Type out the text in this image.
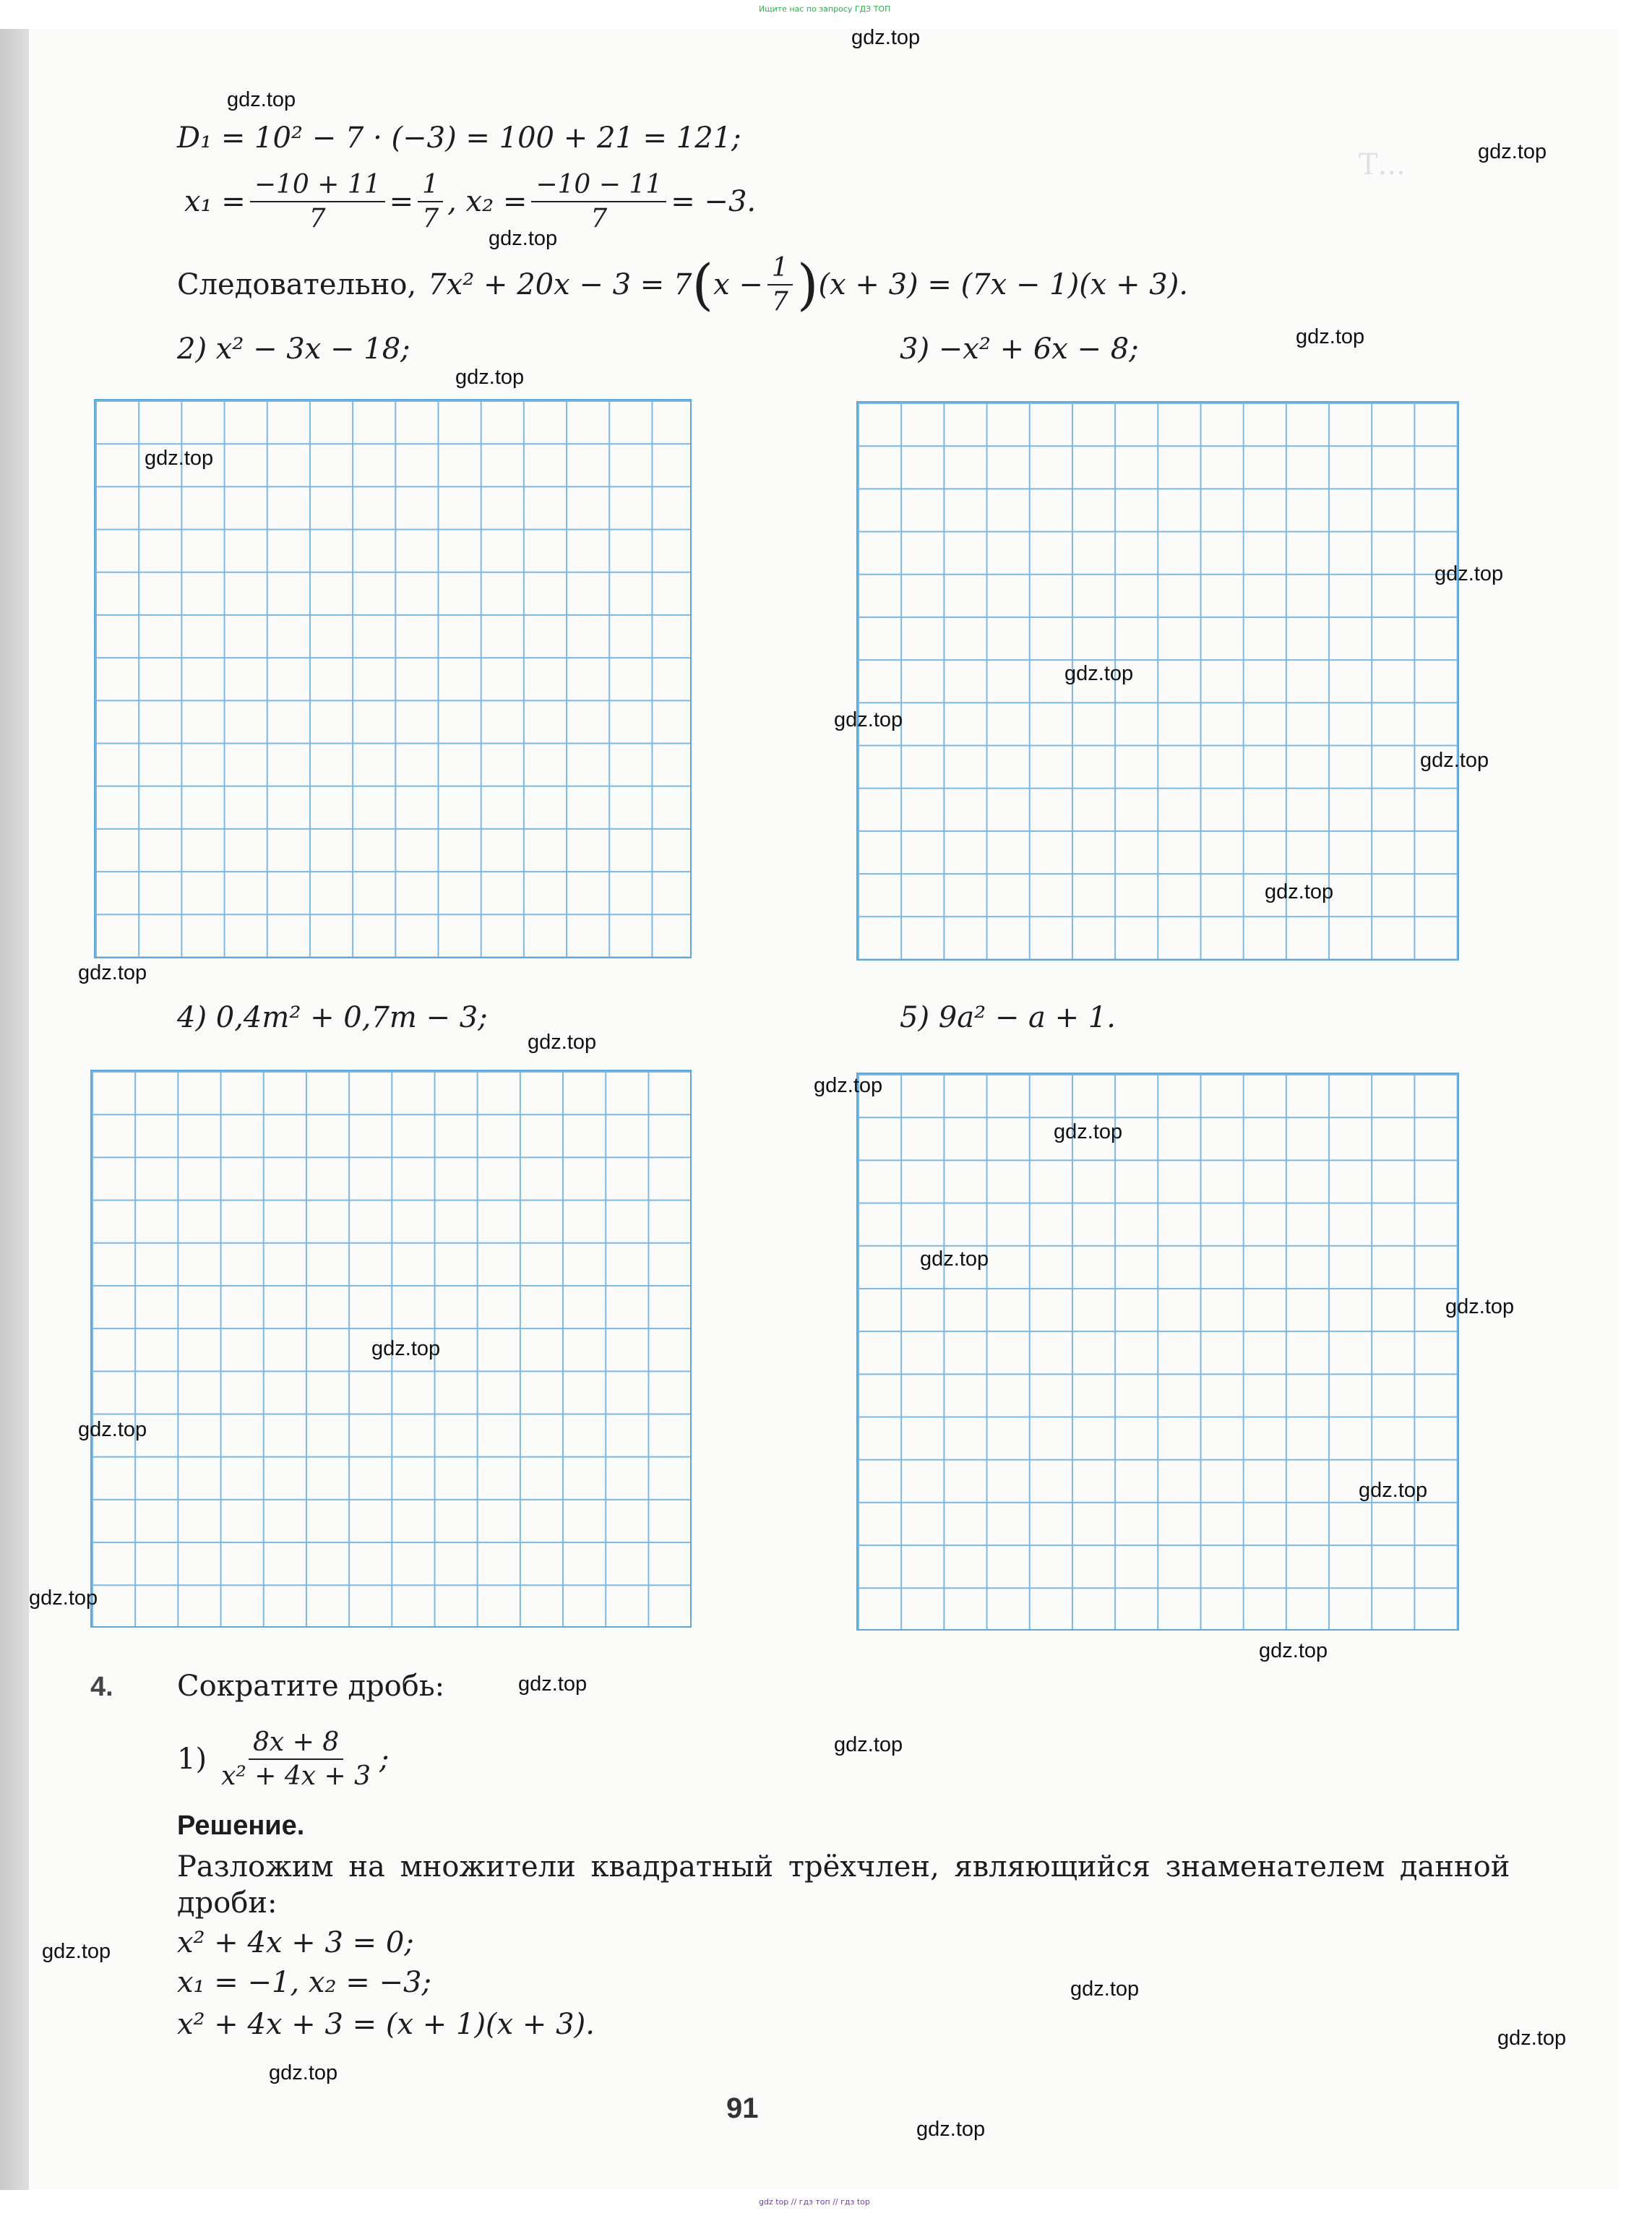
Ищите нас по запросу ГДЗ ТОП
Т...
D₁ = 10² − 7 · (−3) = 100 + 21 = 121;
$x_1 = \frac{-10 + 11}{7} = \frac{1}{7}$ , $x_2 = \frac{-10 - 11}{7} = -3$.
Следовательно, 7x² + 20x − 3 = 7 ( $x - \frac{1}{7}$ ) (x + 3) = (7x − 1)(x + 3).
2) x² − 3x − 18;	3) −x² + 6x − 8;
4) 0,4m² + 0,7m − 3;	5) 9a² − a + 1.
4. Сократите дробь:
$1) \frac{8x + 8}{\text{x² + 4x + 3}}$ ;
Решение.
Разложим на множители квадратный трёхчлен, являющийся знаменателем данной
дроби:
x² + 4x + 3 = 0;
x₁ = −1, x₂ = −3;
x² + 4x + 3 = (x + 1)(x + 3).
91
gdz.top
gdz.top
gdz.top
gdz.top
gdz.top
gdz.top
gdz.top
gdz.top
gdz.top
gdz.top
gdz.top
gdz.top
gdz.top
gdz.top
gdz.top
gdz.top
gdz.top
gdz.top
gdz.top
gdz.top
gdz.top
gdz.top
gdz.top
gdz.top
gdz.top
gdz.top
gdz.top
gdz.top
gdz.top
gdz.top
gdz top // гдз топ // гдз top
